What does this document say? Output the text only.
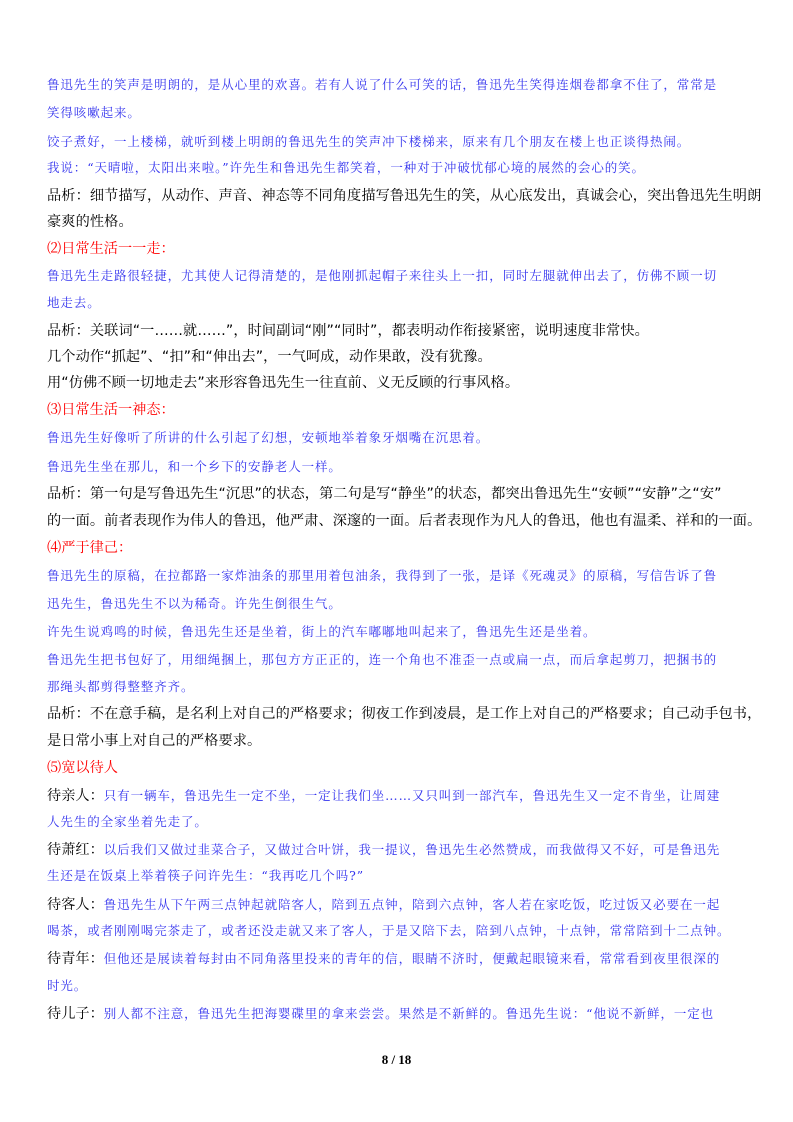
鲁迅先生的笑声是明朗的，是从心里的欢喜。若有人说了什么可笑的话，鲁迅先生笑得连烟卷都拿不住了，常常是
笑得咳嗽起来。
饺子煮好，一上楼梯，就听到楼上明朗的鲁迅先生的笑声冲下楼梯来，原来有几个朋友在楼上也正谈得热闹。
我说：“天晴啦，太阳出来啦。”许先生和鲁迅先生都笑着，一种对于冲破忧郁心境的展然的会心的笑。
品析：细节描写，从动作、声音、神态等不同角度描写鲁迅先生的笑，从心底发出，真诚会心，突出鲁迅先生明朗
豪爽的性格。
⑵日常生活一一走：
鲁迅先生走路很轻捷，尤其使人记得清楚的，是他刚抓起帽子来往头上一扣，同时左腿就伸出去了，仿佛不顾一切
地走去。
品析：关联词“一……就……”，时间副词“刚”“同时”，都表明动作衔接紧密，说明速度非常快。
几个动作“抓起”、“扣”和“伸出去”，一气呵成，动作果敢，没有犹豫。
用“仿佛不顾一切地走去”来形容鲁迅先生一往直前、义无反顾的行事风格。
⑶日常生活一神态：
鲁迅先生好像听了所讲的什么引起了幻想，安顿地举着象牙烟嘴在沉思着。
鲁迅先生坐在那儿，和一个乡下的安静老人一样。
品析：第一句是写鲁迅先生“沉思”的状态，第二句是写“静坐”的状态，都突出鲁迅先生“安顿”“安静”之“安”
的一面。前者表现作为伟人的鲁迅，他严肃、深邃的一面。后者表现作为凡人的鲁迅，他也有温柔、祥和的一面。
⑷严于律己：
鲁迅先生的原稿，在拉都路一家炸油条的那里用着包油条，我得到了一张，是译《死魂灵》的原稿，写信告诉了鲁
迅先生，鲁迅先生不以为稀奇。许先生倒很生气。
许先生说鸡鸣的时候，鲁迅先生还是坐着，街上的汽车嘟嘟地叫起来了，鲁迅先生还是坐着。
鲁迅先生把书包好了，用细绳捆上，那包方方正正的，连一个角也不准歪一点或扁一点，而后拿起剪刀，把捆书的
那绳头都剪得整整齐齐。
品析：不在意手稿，是名利上对自己的严格要求；彻夜工作到凌晨，是工作上对自己的严格要求；自己动手包书，
是日常小事上对自己的严格要求。
⑸宽以待人
待亲人：只有一辆车，鲁迅先生一定不坐，一定让我们坐……又只叫到一部汽车，鲁迅先生又一定不肯坐，让周建
人先生的全家坐着先走了。
待萧红：以后我们又做过韭菜合子，又做过合叶饼，我一提议，鲁迅先生必然赞成，而我做得又不好，可是鲁迅先
生还是在饭桌上举着筷子问许先生：“我再吃几个吗?”
待客人：鲁迅先生从下午两三点钟起就陪客人，陪到五点钟，陪到六点钟，客人若在家吃饭，吃过饭又必要在一起
喝茶，或者刚刚喝完茶走了，或者还没走就又来了客人，于是又陪下去，陪到八点钟，十点钟，常常陪到十二点钟。
待青年：但他还是展读着每封由不同角落里投来的青年的信，眼睛不济时，便戴起眼镜来看，常常看到夜里很深的
时光。
待儿子：别人都不注意，鲁迅先生把海婴碟里的拿来尝尝。果然是不新鲜的。鲁迅先生说：“他说不新鲜，一定也
8 / 18
